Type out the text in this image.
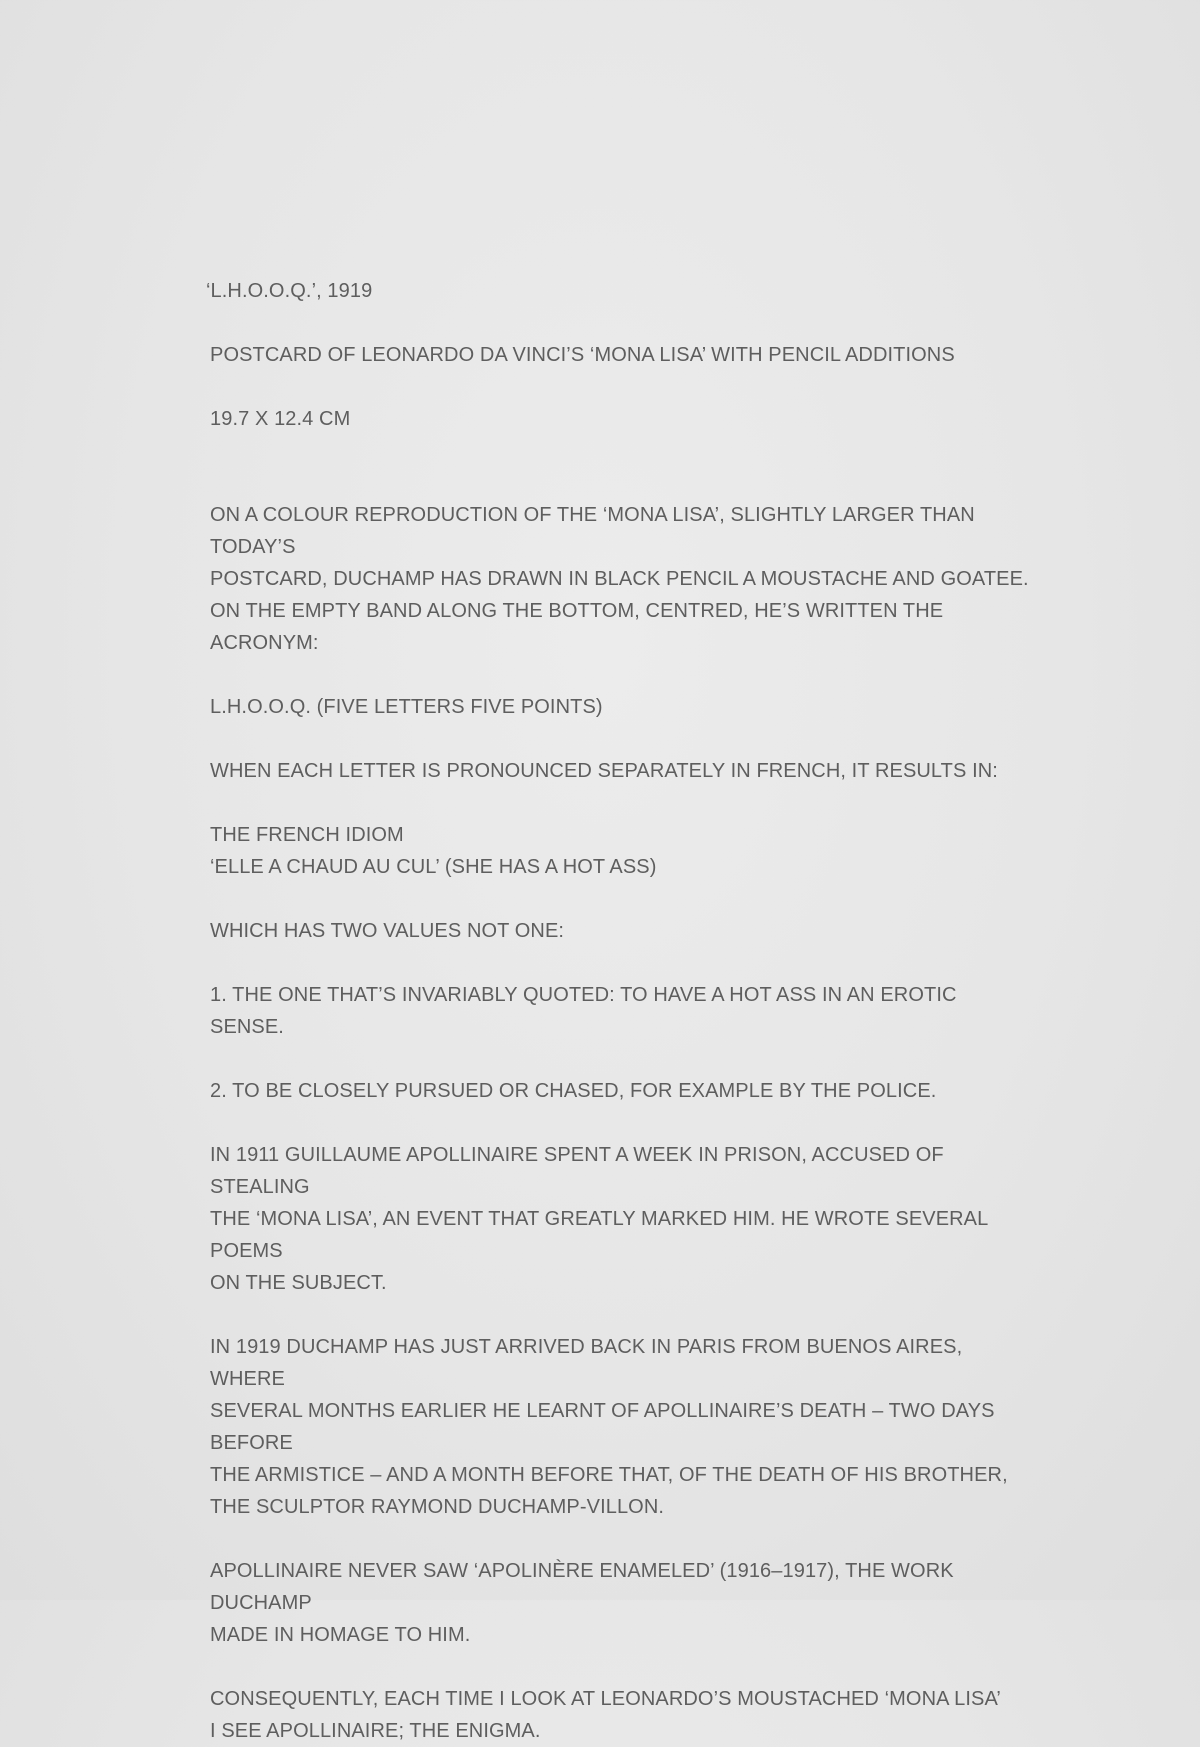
‘L.H.O.O.Q.’, 1919

POSTCARD OF LEONARDO DA VINCI’S ‘MONA LISA’ WITH PENCIL ADDITIONS

19.7 X 12.4 CM

ON A COLOUR REPRODUCTION OF THE ‘MONA LISA’, SLIGHTLY LARGER THAN TODAY’S
POSTCARD, DUCHAMP HAS DRAWN IN BLACK PENCIL A MOUSTACHE AND GOATEE.
ON THE EMPTY BAND ALONG THE BOTTOM, CENTRED, HE’S WRITTEN THE ACRONYM:

L.H.O.O.Q. (FIVE LETTERS FIVE POINTS)

WHEN EACH LETTER IS PRONOUNCED SEPARATELY IN FRENCH, IT RESULTS IN:

THE FRENCH IDIOM
‘ELLE A CHAUD AU CUL’ (SHE HAS A HOT ASS)

WHICH HAS TWO VALUES NOT ONE:

1. THE ONE THAT’S INVARIABLY QUOTED: TO HAVE A HOT ASS IN AN EROTIC SENSE.

2. TO BE CLOSELY PURSUED OR CHASED, FOR EXAMPLE BY THE POLICE.

IN 1911 GUILLAUME APOLLINAIRE SPENT A WEEK IN PRISON, ACCUSED OF STEALING
THE ‘MONA LISA’, AN EVENT THAT GREATLY MARKED HIM. HE WROTE SEVERAL POEMS
ON THE SUBJECT.

IN 1919 DUCHAMP HAS JUST ARRIVED BACK IN PARIS FROM BUENOS AIRES, WHERE
SEVERAL MONTHS EARLIER HE LEARNT OF APOLLINAIRE’S DEATH – TWO DAYS BEFORE
THE ARMISTICE – AND A MONTH BEFORE THAT, OF THE DEATH OF HIS BROTHER,
THE SCULPTOR RAYMOND DUCHAMP-VILLON.

APOLLINAIRE NEVER SAW ‘APOLINÈRE ENAMELED’ (1916–1917), THE WORK DUCHAMP
MADE IN HOMAGE TO HIM.

CONSEQUENTLY, EACH TIME I LOOK AT LEONARDO’S MOUSTACHED ‘MONA LISA’
I SEE APOLLINAIRE; THE ENIGMA.
